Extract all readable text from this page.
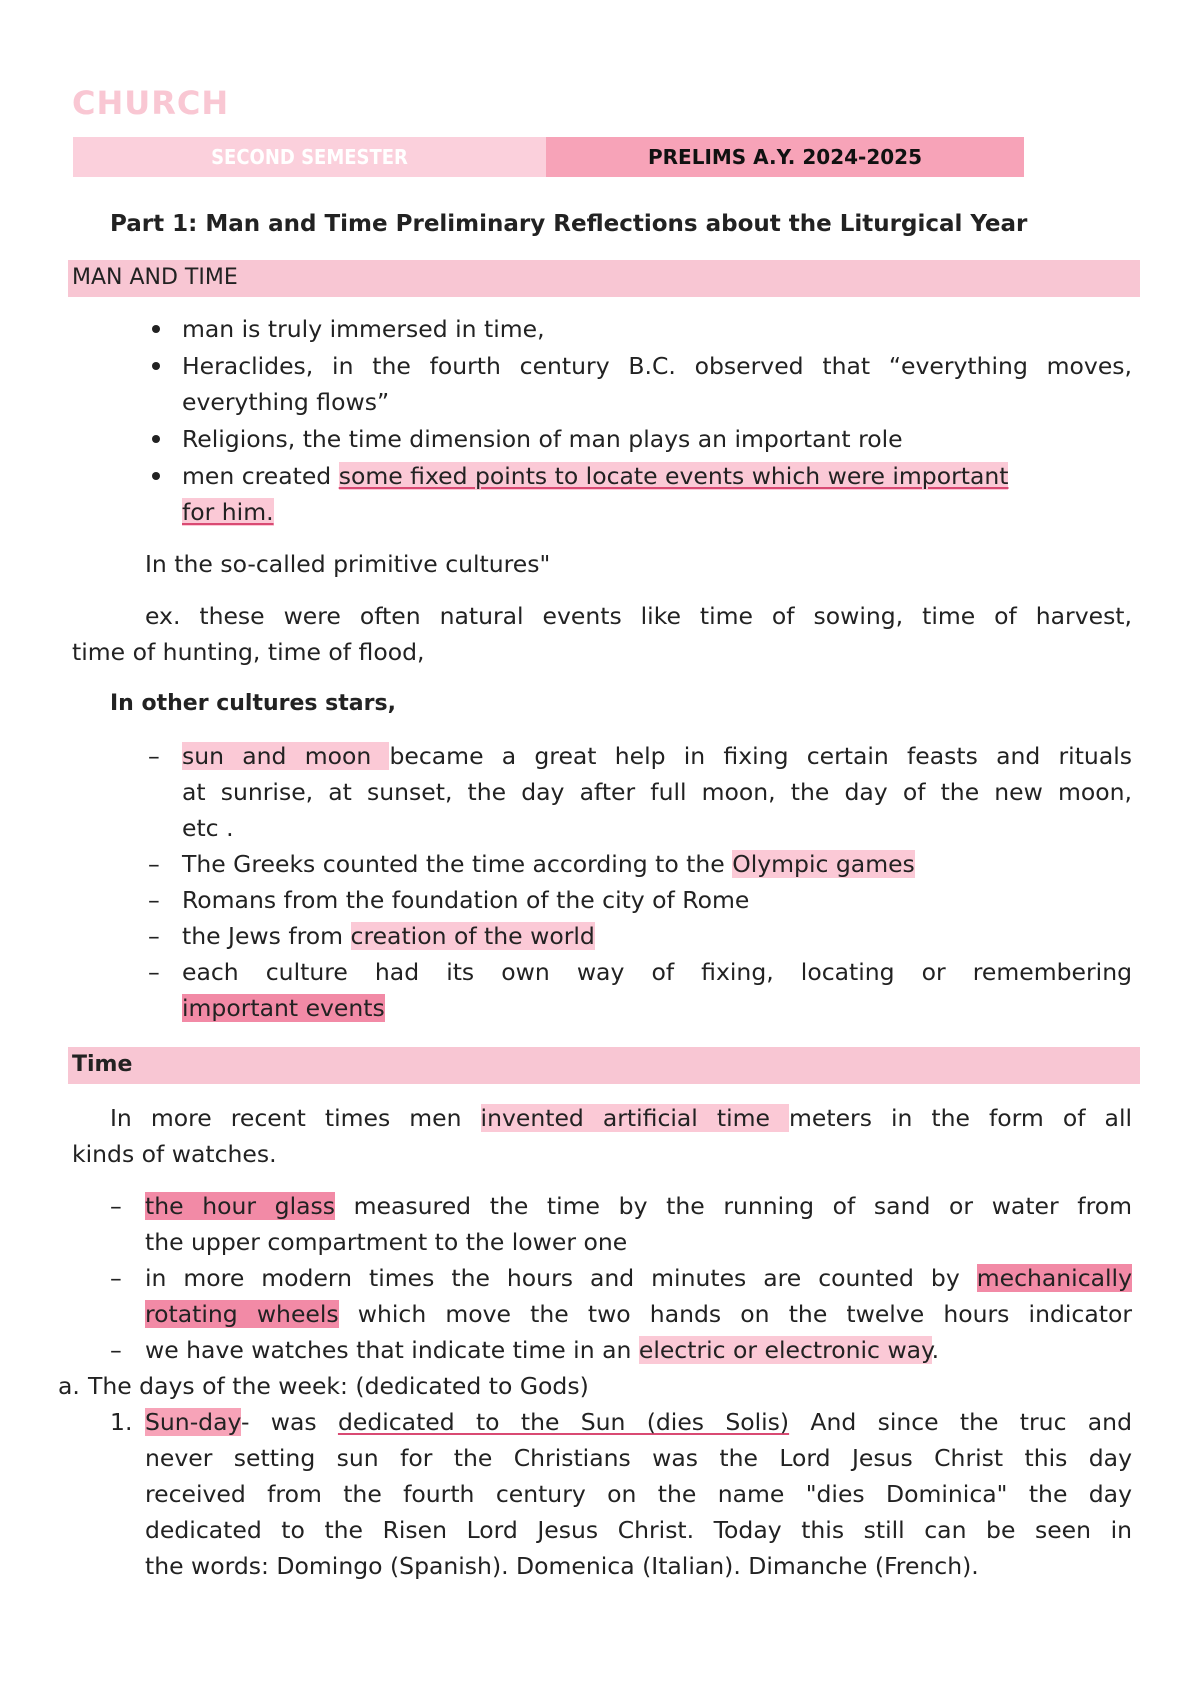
CHURCH
SECOND SEMESTER	PRELIMS A.Y. 2024-2025
Part 1: Man and Time Preliminary Reflections about the Liturgical Year
MAN AND TIME
man is truly immersed in time,
Heraclides, in the fourth century B.C. observed that “everything moves,
everything flows”
Religions, the time dimension of man plays an important role
men created some fixed points to locate events which were important
for him.
In the so-called primitive cultures"
ex. these were often natural events like time of sowing, time of harvest,
time of hunting, time of flood,
In other cultures stars,
– sun and moon became a great help in fixing certain feasts and rituals
at sunrise, at sunset, the day after full moon, the day of the new moon,
etc .
– The Greeks counted the time according to the Olympic games
– Romans from the foundation of the city of Rome
– the Jews from creation of the world
– each culture had its own way of fixing, locating or remembering
important events
Time
In more recent times men invented artificial time meters in the form of all
kinds of watches.
– the hour glass measured the time by the running of sand or water from
the upper compartment to the lower one
– in more modern times the hours and minutes are counted by mechanically
rotating wheels which move the two hands on the twelve hours indicator
– we have watches that indicate time in an electric or electronic way.
a. The days of the week: (dedicated to Gods)
1. Sun-day- was dedicated to the Sun (dies Solis) And since the truc and
never setting sun for the Christians was the Lord Jesus Christ this day
received from the fourth century on the name "dies Dominica" the day
dedicated to the Risen Lord Jesus Christ. Today this still can be seen in
the words: Domingo (Spanish). Domenica (Italian). Dimanche (French).
